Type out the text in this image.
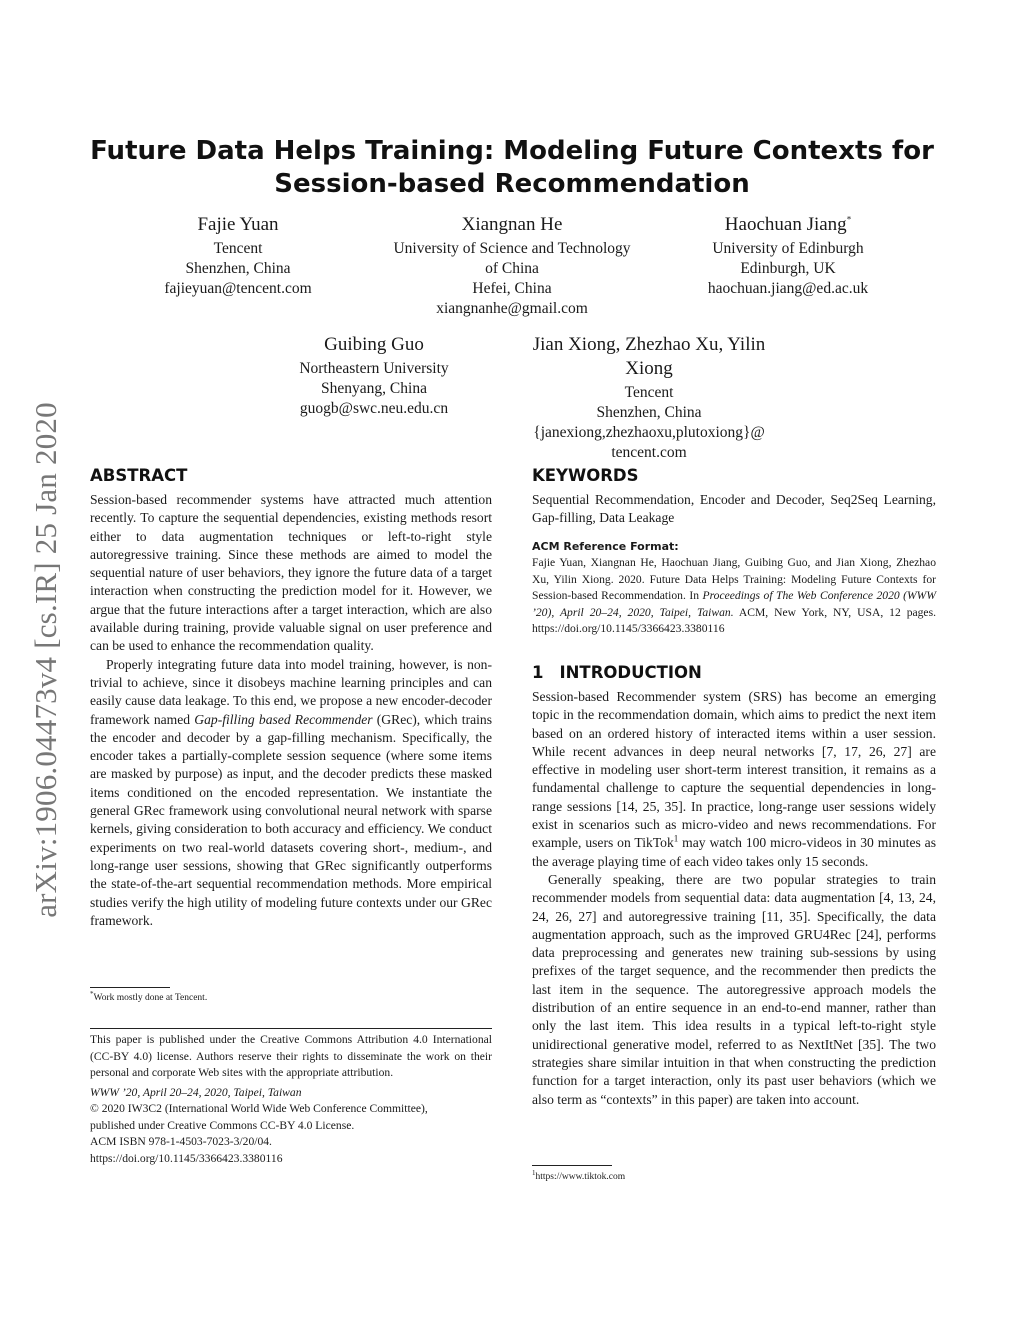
arXiv:1906.04473v4 [cs.IR] 25 Jan 2020
Future Data Helps Training: Modeling Future Contexts for
Session-based Recommendation
Fajie Yuan
Tencent
Shenzhen, China
fajieyuan@tencent.com
Xiangnan He
University of Science and Technology
of China
Hefei, China
xiangnanhe@gmail.com
Haochuan Jiang*
University of Edinburgh
Edinburgh, UK
haochuan.jiang@ed.ac.uk
Guibing Guo
Northeastern University
Shenyang, China
guogb@swc.neu.edu.cn
Jian Xiong, Zhezhao Xu, Yilin
Xiong
Tencent
Shenzhen, China
{janexiong,zhezhaoxu,plutoxiong}@
tencent.com
ABSTRACT

Session-based recommender systems have attracted much attention recently. To capture the sequential dependencies, existing methods resort either to data augmentation techniques or left-to-right style autoregressive training. Since these methods are aimed to model the sequential nature of user behaviors, they ignore the future data of a target interaction when constructing the prediction model for it. However, we argue that the future interactions after a target interaction, which are also available during training, provide valuable signal on user preference and can be used to enhance the recommendation quality.

Properly integrating future data into model training, however, is non-trivial to achieve, since it disobeys machine learning principles and can easily cause data leakage. To this end, we propose a new encoder-decoder framework named Gap-filling based Recommender (GRec), which trains the encoder and decoder by a gap-filling mechanism. Specifically, the encoder takes a partially-complete session sequence (where some items are masked by purpose) as input, and the decoder predicts these masked items conditioned on the encoded representation. We instantiate the general GRec framework using convolutional neural network with sparse kernels, giving consideration to both accuracy and efficiency. We conduct experiments on two real-world datasets covering short-, medium-, and long-range user sessions, showing that GRec significantly outperforms the state-of-the-art sequential recommendation methods. More empirical studies verify the high utility of modeling future contexts under our GRec framework.

*Work mostly done at Tencent.
This paper is published under the Creative Commons Attribution 4.0 International (CC-BY 4.0) license. Authors reserve their rights to disseminate the work on their personal and corporate Web sites with the appropriate attribution.
WWW ’20, April 20–24, 2020, Taipei, Taiwan
© 2020 IW3C2 (International World Wide Web Conference Committee),
published under Creative Commons CC-BY 4.0 License.
ACM ISBN 978-1-4503-7023-3/20/04.
https://doi.org/10.1145/3366423.3380116
KEYWORDS
Sequential Recommendation, Encoder and Decoder, Seq2Seq Learning, Gap-filling, Data Leakage
ACM Reference Format:
Fajie Yuan, Xiangnan He, Haochuan Jiang, Guibing Guo, and Jian Xiong, Zhezhao Xu, Yilin Xiong. 2020. Future Data Helps Training: Modeling Future Contexts for Session-based Recommendation. In Proceedings of The Web Conference 2020 (WWW ’20), April 20–24, 2020, Taipei, Taiwan. ACM, New York, NY, USA, 12 pages. https://doi.org/10.1145/3366423.3380116
1 INTRODUCTION

Session-based Recommender system (SRS) has become an emerging topic in the recommendation domain, which aims to predict the next item based on an ordered history of interacted items within a user session. While recent advances in deep neural networks [7, 17, 26, 27] are effective in modeling user short-term interest transition, it remains as a fundamental challenge to capture the sequential dependencies in long-range sessions [14, 25, 35]. In practice, long-range user sessions widely exist in scenarios such as micro-video and news recommendations. For example, users on TikTok$^1$ may watch 100 micro-videos in 30 minutes as the average playing time of each video takes only 15 seconds.

Generally speaking, there are two popular strategies to train recommender models from sequential data: data augmentation [4, 13, 24, 24, 26, 27] and autoregressive training [11, 35]. Specifically, the data augmentation approach, such as the improved GRU4Rec [24], performs data preprocessing and generates new training sub-sessions by using prefixes of the target sequence, and the recommender then predicts the last item in the sequence. The autoregressive approach models the distribution of an entire sequence in an end-to-end manner, rather than only the last item. This idea results in a typical left-to-right style unidirectional generative model, referred to as NextItNet [35]. The two strategies share similar intuition in that when constructing the prediction function for a target interaction, only its past user behaviors (which we also term as “contexts” in this paper) are taken into account.

$^1$https://www.tiktok.com
